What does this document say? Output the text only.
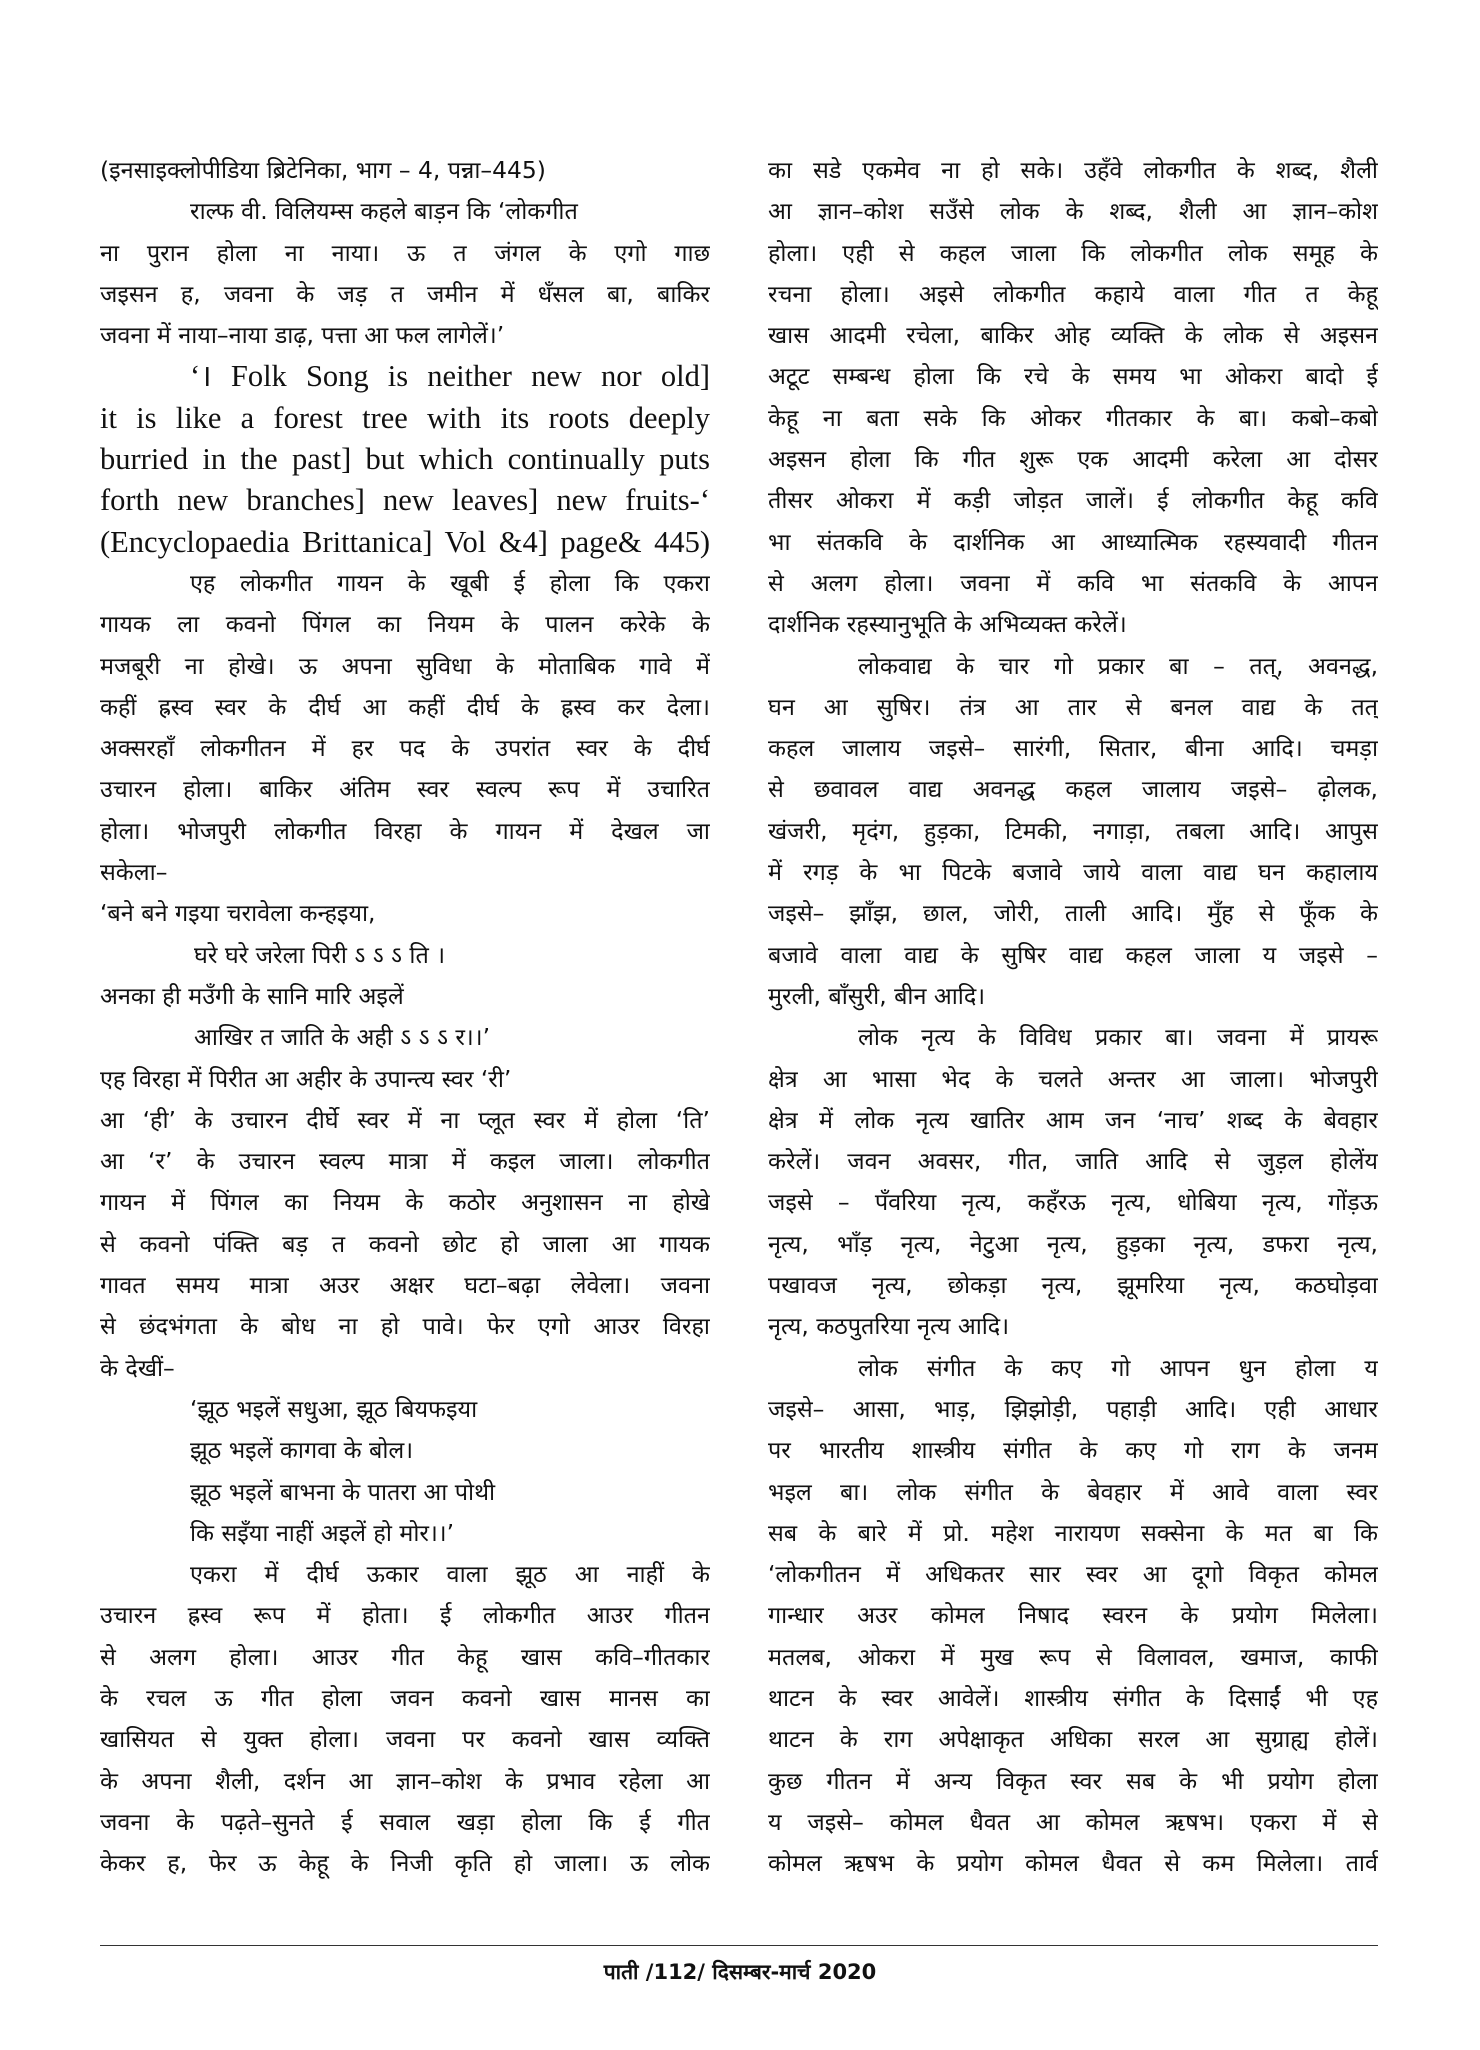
(इनसाइक्लोपीडिया ब्रिटेनिका, भाग – 4, पन्ना–445)
राल्फ वी. विलियम्स कहले बाड़न कि ‘लोकगीत
ना पुरान होला ना नाया। ऊ त जंगल के एगो गाछ
जइसन ह, जवना के जड़ त जमीन में धँसल बा, बाकिर
जवना में नाया–नाया डाढ़, पत्ता आ फल लागेलें।’
‘। Folk Song is neither new nor old]
it is like a forest tree with its roots deeply
burried in the past] but which continually puts
forth new branches] new leaves] new fruits-‘
(Encyclopaedia Brittanica] Vol &4] page& 445)
एह लोकगीत गायन के खूबी ई होला कि एकरा
गायक ला कवनो पिंगल का नियम के पालन करेके के
मजबूरी ना होखे। ऊ अपना सुविधा के मोताबिक गावे में
कहीं ह्रस्व स्वर के दीर्घ आ कहीं दीर्घ के ह्रस्व कर देला।
अक्सरहाँ लोकगीतन में हर पद के उपरांत स्वर के दीर्घ
उचारन होला। बाकिर अंतिम स्वर स्वल्प रूप में उचारित
होला। भोजपुरी लोकगीत विरहा के गायन में देखल जा
सकेला–
‘बने बने गइया चरावेला कन्हइया,
घरे घरे जरेला पिरी ऽ ऽ ऽ ति ।
अनका ही मउँगी के सानि मारि अइलें
आखिर त जाति के अही ऽ ऽ ऽ र।।’
एह विरहा में पिरीत आ अहीर के उपान्त्य स्वर ‘री’
आ ‘ही’ के उचारन दीर्घे स्वर में ना प्लूत स्वर में होला ‘ति’
आ ‘र’ के उचारन स्वल्प मात्रा में कइल जाला। लोकगीत
गायन में पिंगल का नियम के कठोर अनुशासन ना होखे
से कवनो पंक्ति बड़ त कवनो छोट हो जाला आ गायक
गावत समय मात्रा अउर अक्षर घटा–बढ़ा लेवेला। जवना
से छंदभंगता के बोध ना हो पावे। फेर एगो आउर विरहा
के देखीं–
‘झूठ भइलें सधुआ, झूठ बियफइया
झूठ भइलें कागवा के बोल।
झूठ भइलें बाभना के पातरा आ पोथी
कि सइँया नाहीं अइलें हो मोर।।’
एकरा में दीर्घ ऊकार वाला झूठ आ नाहीं के
उचारन ह्रस्व रूप में होता। ई लोकगीत आउर गीतन
से अलग होला। आउर गीत केहू खास कवि–गीतकार
के रचल ऊ गीत होला जवन कवनो खास मानस का
खासियत से युक्त होला। जवना पर कवनो खास व्यक्ति
के अपना शैली, दर्शन आ ज्ञान–कोश के प्रभाव रहेला आ
जवना के पढ़ते–सुनते ई सवाल खड़ा होला कि ई गीत
केकर ह, फेर ऊ केहू के निजी कृति हो जाला। ऊ लोक
का सडे एकमेव ना हो सके। उहँवे लोकगीत के शब्द, शैली
आ ज्ञान–कोश सउँसे लोक के शब्द, शैली आ ज्ञान–कोश
होला। एही से कहल जाला कि लोकगीत लोक समूह के
रचना होला। अइसे लोकगीत कहाये वाला गीत त केहू
खास आदमी रचेला, बाकिर ओह व्यक्ति के लोक से अइसन
अटूट सम्बन्ध होला कि रचे के समय भा ओकरा बादो ई
केहू ना बता सके कि ओकर गीतकार के बा। कबो–कबो
अइसन होला कि गीत शुरू एक आदमी करेला आ दोसर
तीसर ओकरा में कड़ी जोड़त जालें। ई लोकगीत केहू कवि
भा संतकवि के दार्शनिक आ आध्यात्मिक रहस्यवादी गीतन
से अलग होला। जवना में कवि भा संतकवि के आपन
दार्शनिक रहस्यानुभूति के अभिव्यक्त करेलें।
लोकवाद्य के चार गो प्रकार बा – तत्, अवनद्ध,
घन आ सुषिर। तंत्र आ तार से बनल वाद्य के तत्
कहल जालाय जइसे– सारंगी, सितार, बीना आदि। चमड़ा
से छवावल वाद्य अवनद्ध कहल जालाय जइसे– ढ़ोलक,
खंजरी, मृदंग, हुड़का, टिमकी, नगाड़ा, तबला आदि। आपुस
में रगड़ के भा पिटके बजावे जाये वाला वाद्य घन कहालाय
जइसे– झाँझ, छाल, जोरी, ताली आदि। मुँह से फूँक के
बजावे वाला वाद्य के सुषिर वाद्य कहल जाला य जइसे –
मुरली, बाँसुरी, बीन आदि।
लोक नृत्य के विविध प्रकार बा। जवना में प्रायरू
क्षेत्र आ भासा भेद के चलते अन्तर आ जाला। भोजपुरी
क्षेत्र में लोक नृत्य खातिर आम जन ‘नाच’ शब्द के बेवहार
करेलें। जवन अवसर, गीत, जाति आदि से जुड़ल होलेंय
जइसे – पँवरिया नृत्य, कहँरऊ नृत्य, धोबिया नृत्य, गोंड़ऊ
नृत्य, भाँड़ नृत्य, नेटुआ नृत्य, हुड़का नृत्य, डफरा नृत्य,
पखावज नृत्य, छोकड़ा नृत्य, झूमरिया नृत्य, कठघोड़वा
नृत्य, कठपुतरिया नृत्य आदि।
लोक संगीत के कए गो आपन धुन होला य
जइसे– आसा, भाड़, झिझोड़ी, पहाड़ी आदि। एही आधार
पर भारतीय शास्त्रीय संगीत के कए गो राग के जनम
भइल बा। लोक संगीत के बेवहार में आवे वाला स्वर
सब के बारे में प्रो. महेश नारायण सक्सेना के मत बा कि
‘लोकगीतन में अधिकतर सार स्वर आ दूगो विकृत कोमल
गान्धार अउर कोमल निषाद स्वरन के प्रयोग मिलेला।
मतलब, ओकरा में मुख रूप से विलावल, खमाज, काफी
थाटन के स्वर आवेलें। शास्त्रीय संगीत के दिसाईं भी एह
थाटन के राग अपेक्षाकृत अधिका सरल आ सुग्राह्य होलें।
कुछ गीतन में अन्य विकृत स्वर सब के भी प्रयोग होला
य जइसे– कोमल धैवत आ कोमल ऋषभ। एकरा में से
कोमल ऋषभ के प्रयोग कोमल धैवत से कम मिलेला। तार्व
पाती /112/ दिसम्बर-मार्च 2020
